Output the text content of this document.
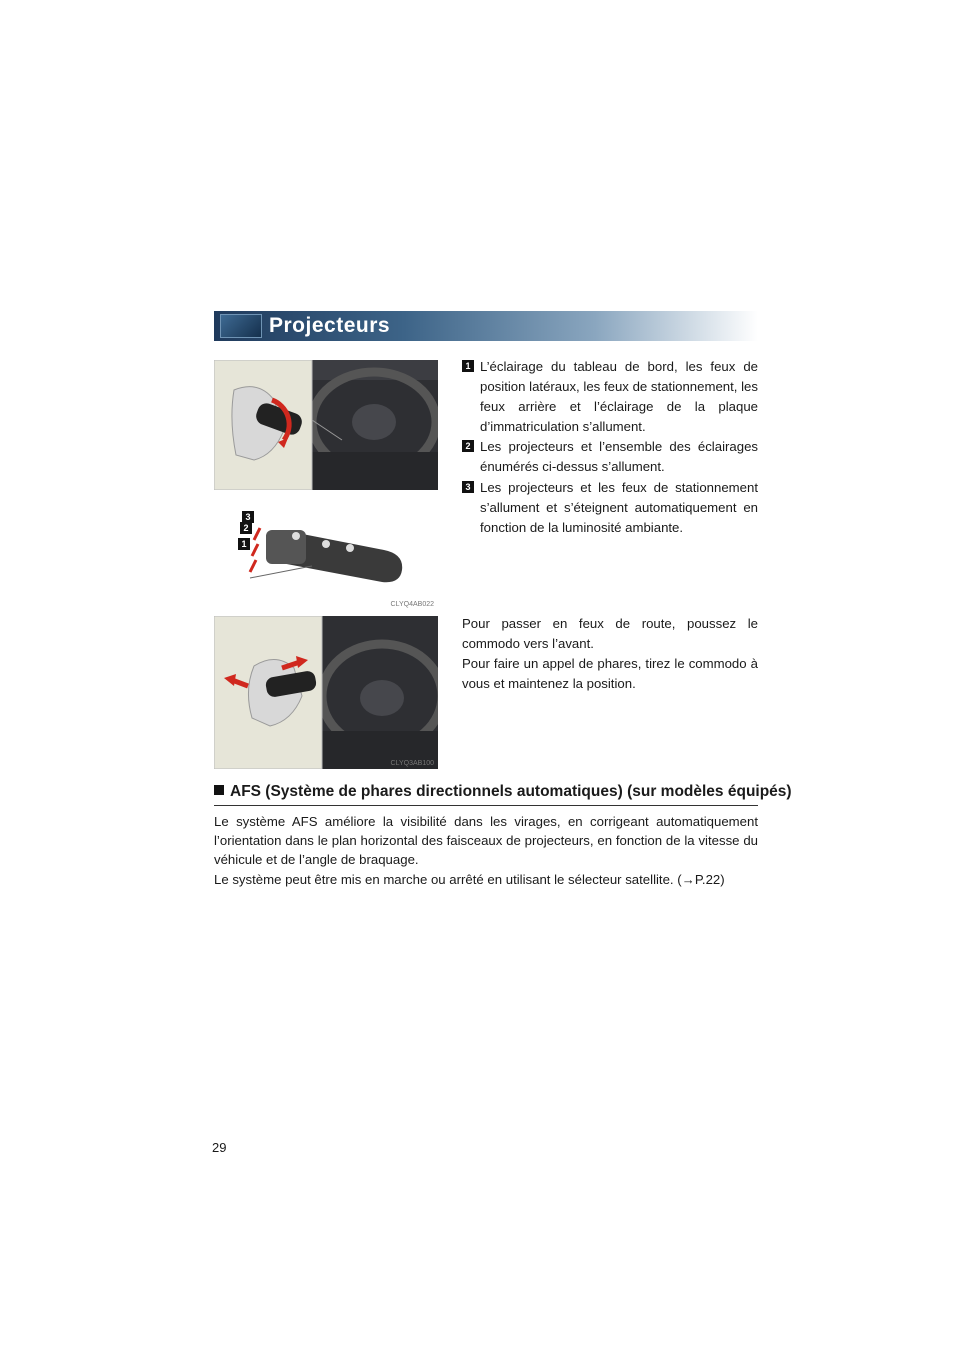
Projecteurs
3
2
1
CLYQ4AB022
CLYQ3AB100
1 L’éclairage du tableau de bord, les feux de position latéraux, les feux de stationnement, les feux arrière et l’éclairage de la plaque d’immatriculation s’allument.
2 Les projecteurs et l’ensemble des éclairages énumérés ci-dessus s’allument.
3 Les projecteurs et les feux de stationnement s’allument et s’éteignent automatiquement en fonction de la luminosité ambiante.

Pour passer en feux de route, poussez le commodo vers l’avant.

Pour faire un appel de phares, tirez le commodo à vous et maintenez la position.

AFS (Système de phares directionnels automatiques) (sur modèles équipés)

Le système AFS améliore la visibilité dans les virages, en corrigeant automatiquement l’orientation dans le plan horizontal des faisceaux de projecteurs, en fonction de la vitesse du véhicule et de l’angle de braquage.

Le système peut être mis en marche ou arrêté en utilisant le sélecteur satellite. (→P.22)

29
